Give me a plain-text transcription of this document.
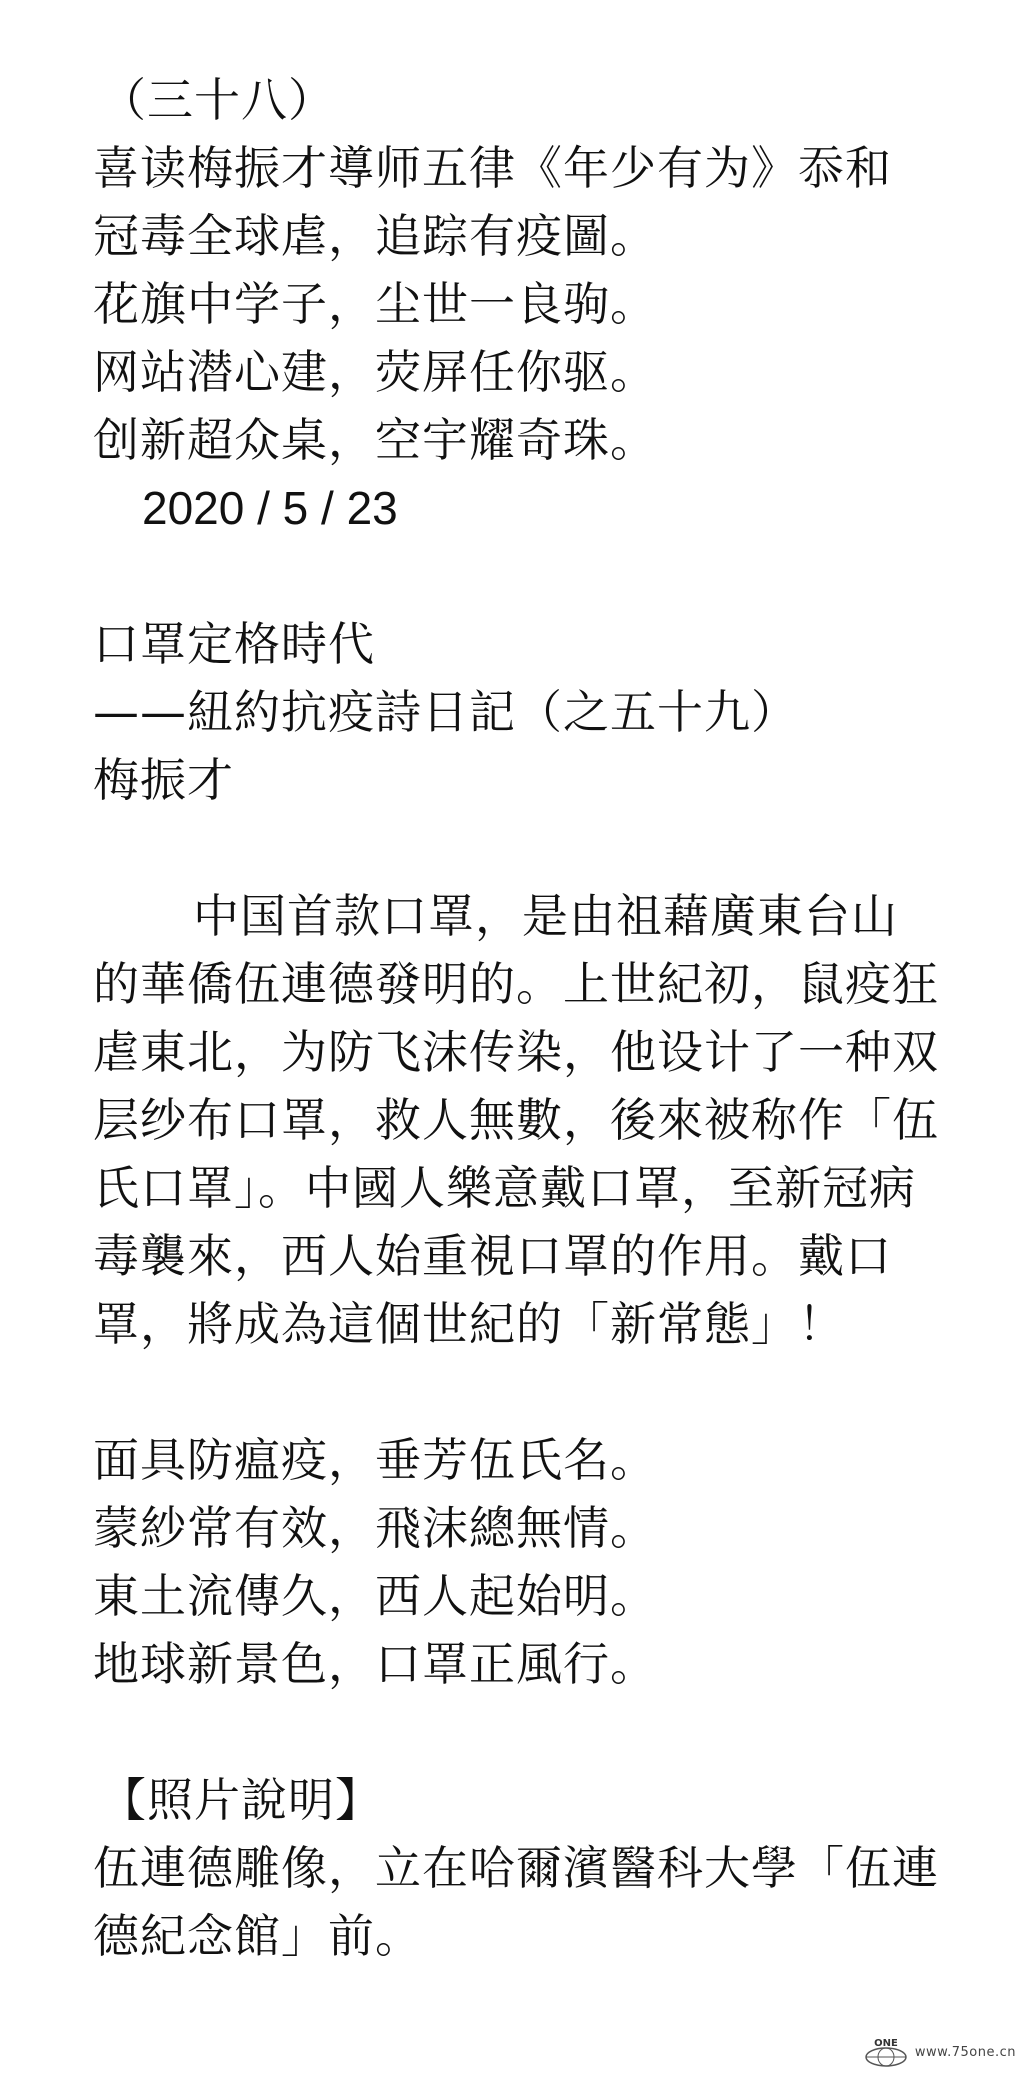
（三十八）
喜读梅振才導师五律《年少有为》忝和
冠毒全球虐，追踪有疫圖。
花旗中学子，尘世一良驹。
网站潜心建，荧屏任你驱。
创新超众桌，空宇耀奇珠。
2020 / 5 / 23
口罩定格時代
——紐約抗疫詩日記（之五十九）
梅振才
中国首款口罩，是由祖藉廣東台山
的華僑伍連德發明的。上世紀初，鼠疫狂
虐東北，为防飞沫传染，他设计了一种双
层纱布口罩，救人無數，後來被称作「伍
氏口罩」。中國人樂意戴口罩，至新冠病
毒襲來，西人始重視口罩的作用。戴口
罩，將成為這個世紀的「新常態」！
面具防瘟疫，垂芳伍氏名。
蒙紗常有效，飛沫總無情。
東土流傳久，西人起始明。
地球新景色，口罩正風行。
【照片說明】
伍連德雕像，立在哈爾濱醫科大學「伍連
德紀念館」前。
ONE
www.75one.cn
